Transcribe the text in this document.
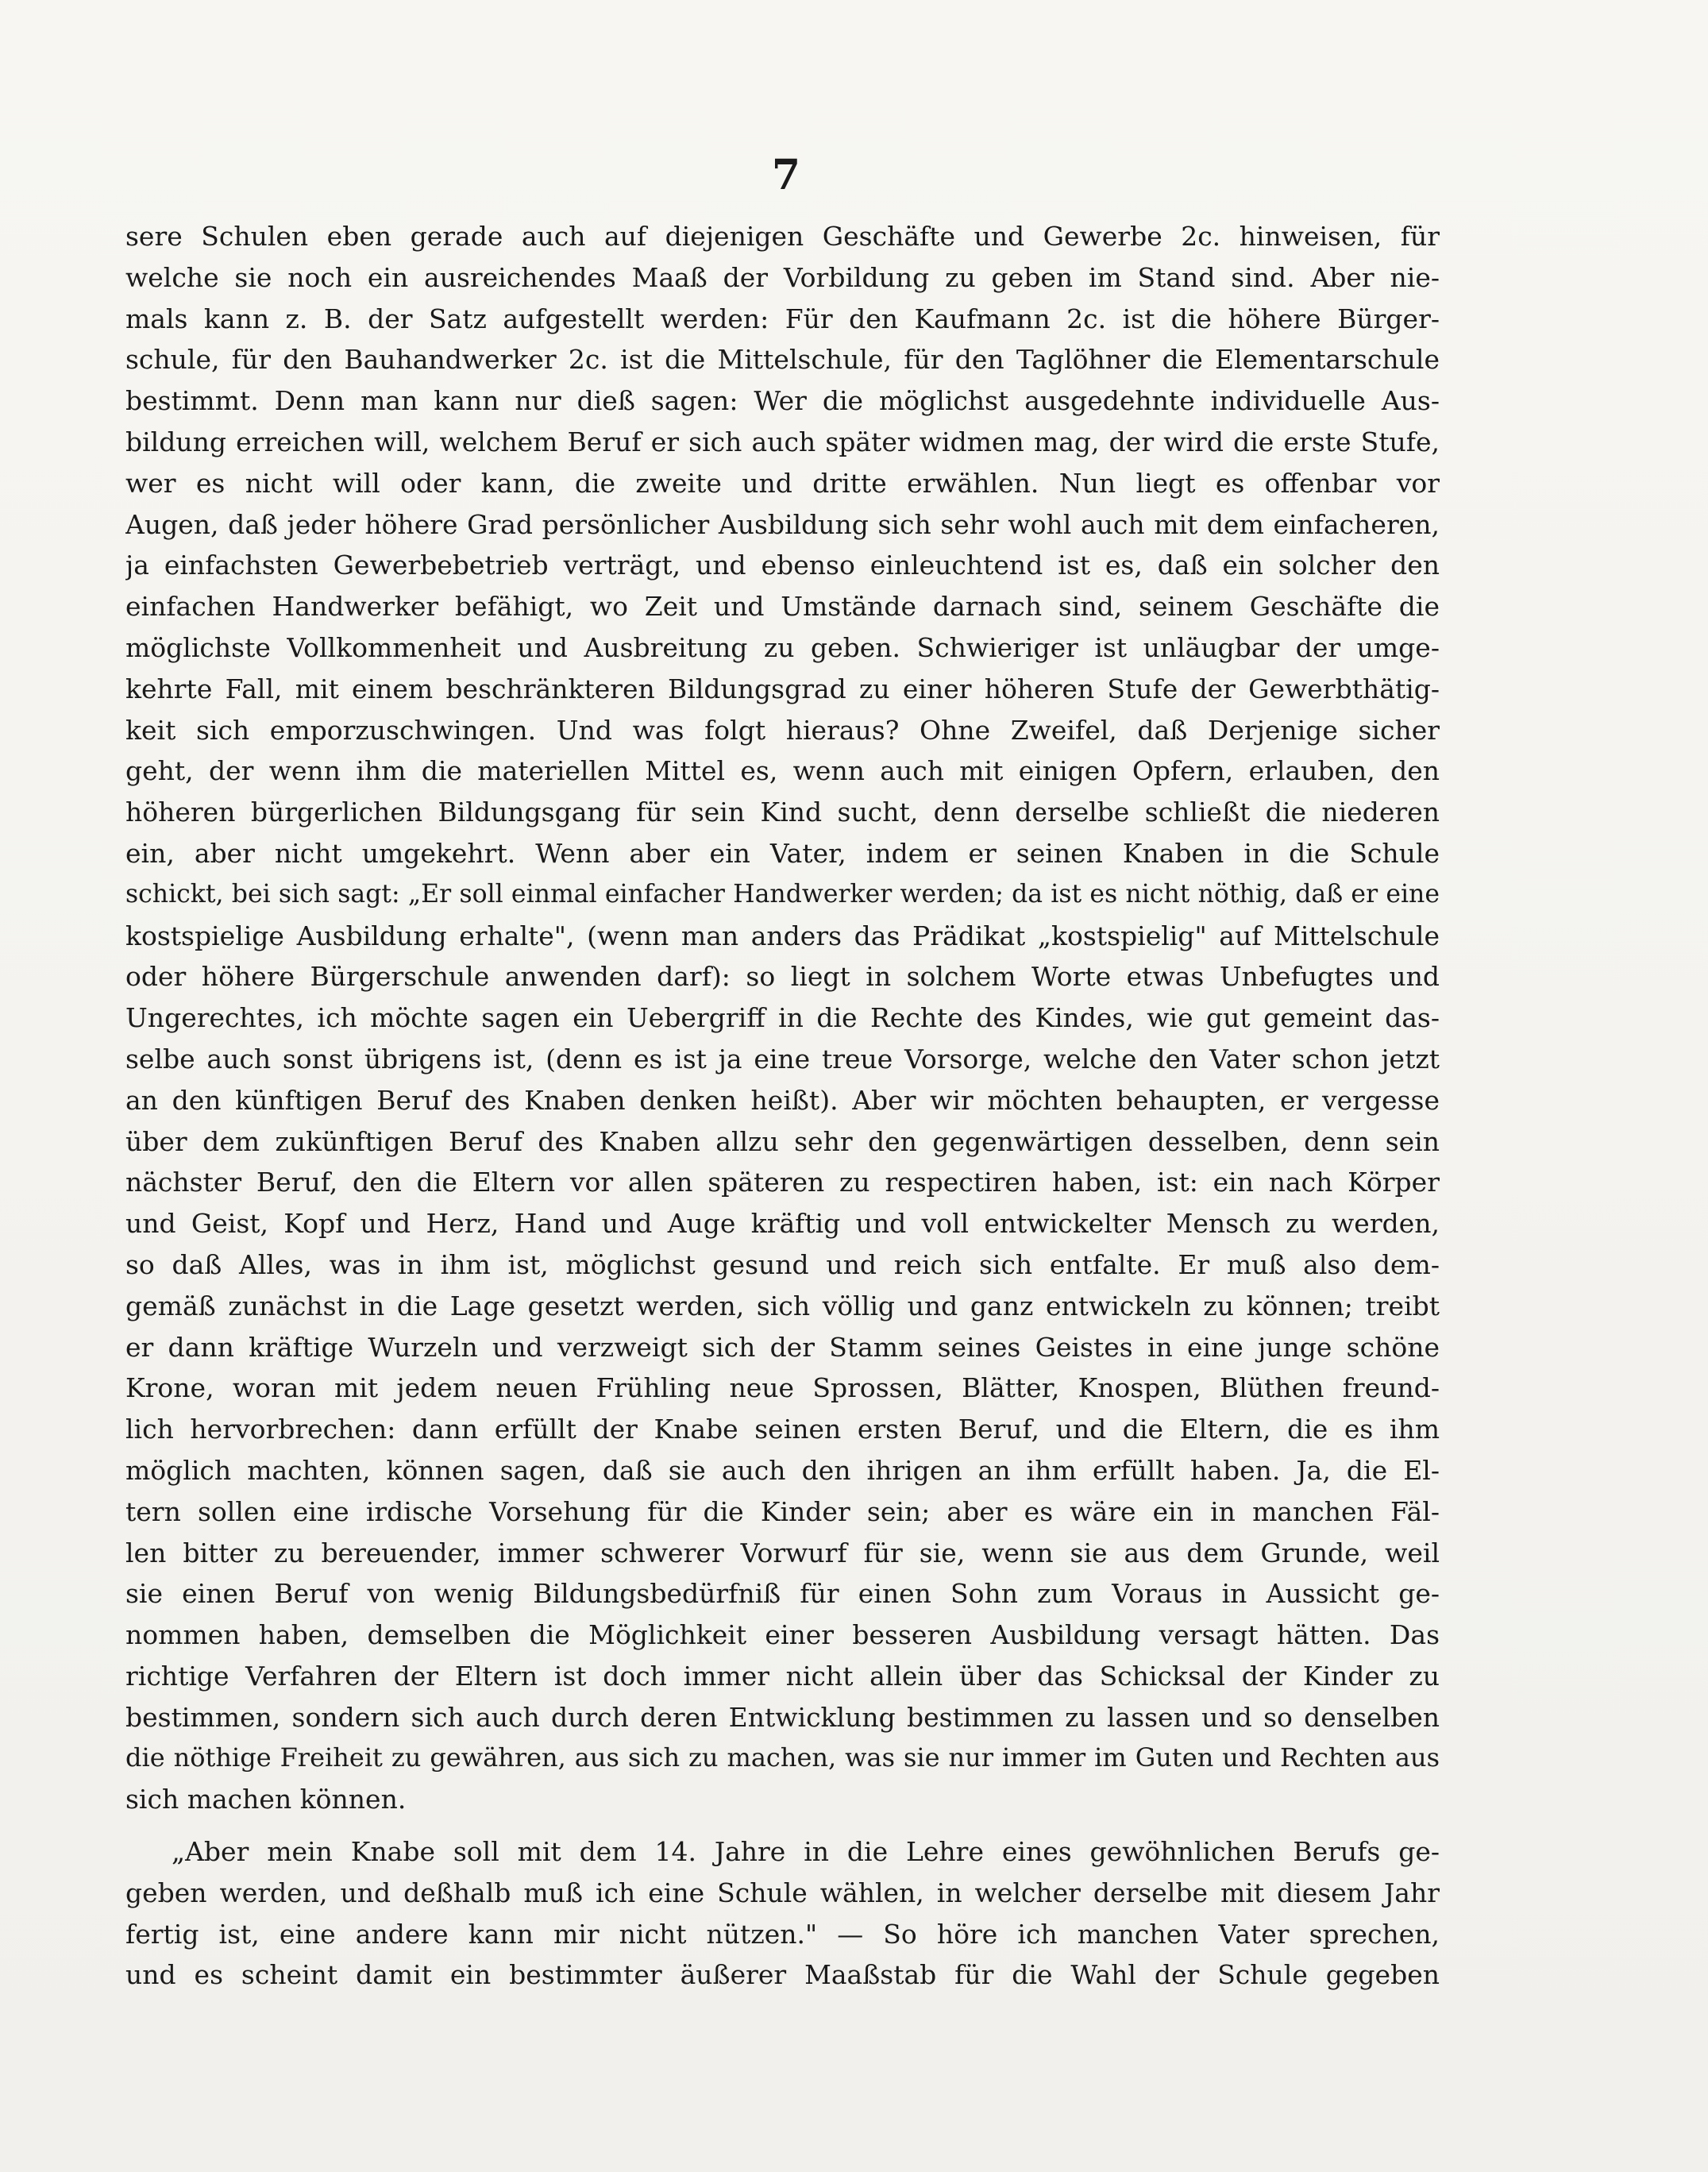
7
sere Schulen eben gerade auch auf diejenigen Geschäfte und Gewerbe 2c. hinweisen, für
welche sie noch ein ausreichendes Maaß der Vorbildung zu geben im Stand sind. Aber nie-
mals kann z. B. der Satz aufgestellt werden: Für den Kaufmann 2c. ist die höhere Bürger-
schule, für den Bauhandwerker 2c. ist die Mittelschule, für den Taglöhner die Elementarschule
bestimmt. Denn man kann nur dieß sagen: Wer die möglichst ausgedehnte individuelle Aus-
bildung erreichen will, welchem Beruf er sich auch später widmen mag, der wird die erste Stufe,
wer es nicht will oder kann, die zweite und dritte erwählen. Nun liegt es offenbar vor
Augen, daß jeder höhere Grad persönlicher Ausbildung sich sehr wohl auch mit dem einfacheren,
ja einfachsten Gewerbebetrieb verträgt, und ebenso einleuchtend ist es, daß ein solcher den
einfachen Handwerker befähigt, wo Zeit und Umstände darnach sind, seinem Geschäfte die
möglichste Vollkommenheit und Ausbreitung zu geben. Schwieriger ist unläugbar der umge-
kehrte Fall, mit einem beschränkteren Bildungsgrad zu einer höheren Stufe der Gewerbthätig-
keit sich emporzuschwingen. Und was folgt hieraus? Ohne Zweifel, daß Derjenige sicher
geht, der wenn ihm die materiellen Mittel es, wenn auch mit einigen Opfern, erlauben, den
höheren bürgerlichen Bildungsgang für sein Kind sucht, denn derselbe schließt die niederen
ein, aber nicht umgekehrt. Wenn aber ein Vater, indem er seinen Knaben in die Schule
schickt, bei sich sagt: „Er soll einmal einfacher Handwerker werden; da ist es nicht nöthig, daß er eine
kostspielige Ausbildung erhalte", (wenn man anders das Prädikat „kostspielig" auf Mittelschule
oder höhere Bürgerschule anwenden darf): so liegt in solchem Worte etwas Unbefugtes und
Ungerechtes, ich möchte sagen ein Uebergriff in die Rechte des Kindes, wie gut gemeint das-
selbe auch sonst übrigens ist, (denn es ist ja eine treue Vorsorge, welche den Vater schon jetzt
an den künftigen Beruf des Knaben denken heißt). Aber wir möchten behaupten, er vergesse
über dem zukünftigen Beruf des Knaben allzu sehr den gegenwärtigen desselben, denn sein
nächster Beruf, den die Eltern vor allen späteren zu respectiren haben, ist: ein nach Körper
und Geist, Kopf und Herz, Hand und Auge kräftig und voll entwickelter Mensch zu werden,
so daß Alles, was in ihm ist, möglichst gesund und reich sich entfalte. Er muß also dem-
gemäß zunächst in die Lage gesetzt werden, sich völlig und ganz entwickeln zu können; treibt
er dann kräftige Wurzeln und verzweigt sich der Stamm seines Geistes in eine junge schöne
Krone, woran mit jedem neuen Frühling neue Sprossen, Blätter, Knospen, Blüthen freund-
lich hervorbrechen: dann erfüllt der Knabe seinen ersten Beruf, und die Eltern, die es ihm
möglich machten, können sagen, daß sie auch den ihrigen an ihm erfüllt haben. Ja, die El-
tern sollen eine irdische Vorsehung für die Kinder sein; aber es wäre ein in manchen Fäl-
len bitter zu bereuender, immer schwerer Vorwurf für sie, wenn sie aus dem Grunde, weil
sie einen Beruf von wenig Bildungsbedürfniß für einen Sohn zum Voraus in Aussicht ge-
nommen haben, demselben die Möglichkeit einer besseren Ausbildung versagt hätten. Das
richtige Verfahren der Eltern ist doch immer nicht allein über das Schicksal der Kinder zu
bestimmen, sondern sich auch durch deren Entwicklung bestimmen zu lassen und so denselben
die nöthige Freiheit zu gewähren, aus sich zu machen, was sie nur immer im Guten und Rechten aus
sich machen können.
„Aber mein Knabe soll mit dem 14. Jahre in die Lehre eines gewöhnlichen Berufs ge-
geben werden, und deßhalb muß ich eine Schule wählen, in welcher derselbe mit diesem Jahr
fertig ist, eine andere kann mir nicht nützen." — So höre ich manchen Vater sprechen,
und es scheint damit ein bestimmter äußerer Maaßstab für die Wahl der Schule gegeben
